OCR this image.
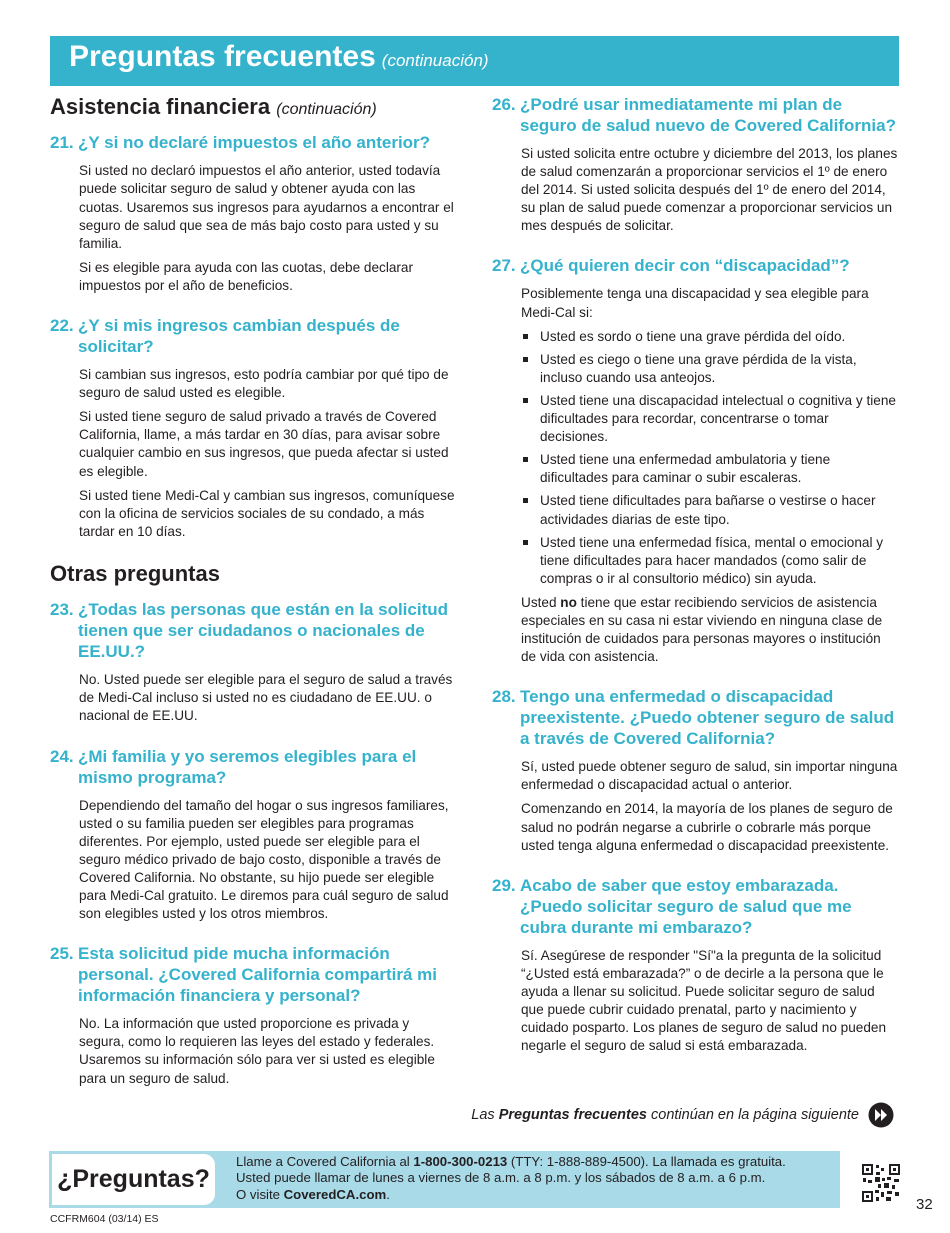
Preguntas frecuentes (continuación)
Asistencia financiera (continuación)
21. ¿Y si no declaré impuestos el año anterior?

Si usted no declaró impuestos el año anterior, usted todavía puede solicitar seguro de salud y obtener ayuda con las cuotas. Usaremos sus ingresos para ayudarnos a encontrar el seguro de salud que sea de más bajo costo para usted y su familia.

Si es elegible para ayuda con las cuotas, debe declarar impuestos por el año de beneficios.

22. ¿Y si mis ingresos cambian después de solicitar?

Si cambian sus ingresos, esto podría cambiar por qué tipo de seguro de salud usted es elegible.

Si usted tiene seguro de salud privado a través de Covered California, llame, a más tardar en 30 días, para avisar sobre cualquier cambio en sus ingresos, que pueda afectar si usted es elegible.

Si usted tiene Medi-Cal y cambian sus ingresos, comuníquese con la oficina de servicios sociales de su condado, a más tardar en 10 días.

Otras preguntas
23. ¿Todas las personas que están en la solicitud tienen que ser ciudadanos o nacionales de EE.UU.?

No. Usted puede ser elegible para el seguro de salud a través de Medi-Cal incluso si usted no es ciudadano de EE.UU. o nacional de EE.UU.

24. ¿Mi familia y yo seremos elegibles para el mismo programa?

Dependiendo del tamaño del hogar o sus ingresos familiares, usted o su familia pueden ser elegibles para programas diferentes. Por ejemplo, usted puede ser elegible para el seguro médico privado de bajo costo, disponible a través de Covered California. No obstante, su hijo puede ser elegible para Medi-Cal gratuito. Le diremos para cuál seguro de salud son elegibles usted y los otros miembros.

25. Esta solicitud pide mucha información personal. ¿Covered California compartirá mi información financiera y personal?

No. La información que usted proporcione es privada y segura, como lo requieren las leyes del estado y federales. Usaremos su información sólo para ver si usted es elegible para un seguro de salud.

26. ¿Podré usar inmediatamente mi plan de seguro de salud nuevo de Covered California?

Si usted solicita entre octubre y diciembre del 2013, los planes de salud comenzarán a proporcionar servicios el 1º de enero del 2014. Si usted solicita después del 1º de enero del 2014, su plan de salud puede comenzar a proporcionar servicios un mes después de solicitar.

27. ¿Qué quieren decir con “discapacidad”?

Posiblemente tenga una discapacidad y sea elegible para Medi-Cal si:

Usted es sordo o tiene una grave pérdida del oído.
Usted es ciego o tiene una grave pérdida de la vista, incluso cuando usa anteojos.
Usted tiene una discapacidad intelectual o cognitiva y tiene dificultades para recordar, concentrarse o tomar decisiones.
Usted tiene una enfermedad ambulatoria y tiene dificultades para caminar o subir escaleras.
Usted tiene dificultades para bañarse o vestirse o hacer actividades diarias de este tipo.
Usted tiene una enfermedad física, mental o emocional y tiene dificultades para hacer mandados (como salir de compras o ir al consultorio médico) sin ayuda.

Usted no tiene que estar recibiendo servicios de asistencia especiales en su casa ni estar viviendo en ninguna clase de institución de cuidados para personas mayores o institución de vida con asistencia.

28. Tengo una enfermedad o discapacidad preexistente. ¿Puedo obtener seguro de salud a través de Covered California?

Sí, usted puede obtener seguro de salud, sin importar ninguna enfermedad o discapacidad actual o anterior.

Comenzando en 2014, la mayoría de los planes de seguro de salud no podrán negarse a cubrirle o cobrarle más porque usted tenga alguna enfermedad o discapacidad preexistente.

29. Acabo de saber que estoy embarazada. ¿Puedo solicitar seguro de salud que me cubra durante mi embarazo?

Sí. Asegúrese de responder "Sí"a la pregunta de la solicitud “¿Usted está embarazada?” o de decirle a la persona que le ayuda a llenar su solicitud. Puede solicitar seguro de salud que puede cubrir cuidado prenatal, parto y nacimiento y cuidado posparto. Los planes de seguro de salud no pueden negarle el seguro de salud si está embarazada.

Las
Preguntas frecuentes
continúan en la página siguiente
¿Preguntas?
Llame a Covered California al 1-800-300-0213 (TTY: 1-888-889-4500). La llamada es gratuita.
Usted puede llamar de lunes a viernes de 8 a.m. a 8 p.m. y los sábados de 8 a.m. a 6 p.m.
O visite CoveredCA.com.
32
CCFRM604 (03/14) ES
